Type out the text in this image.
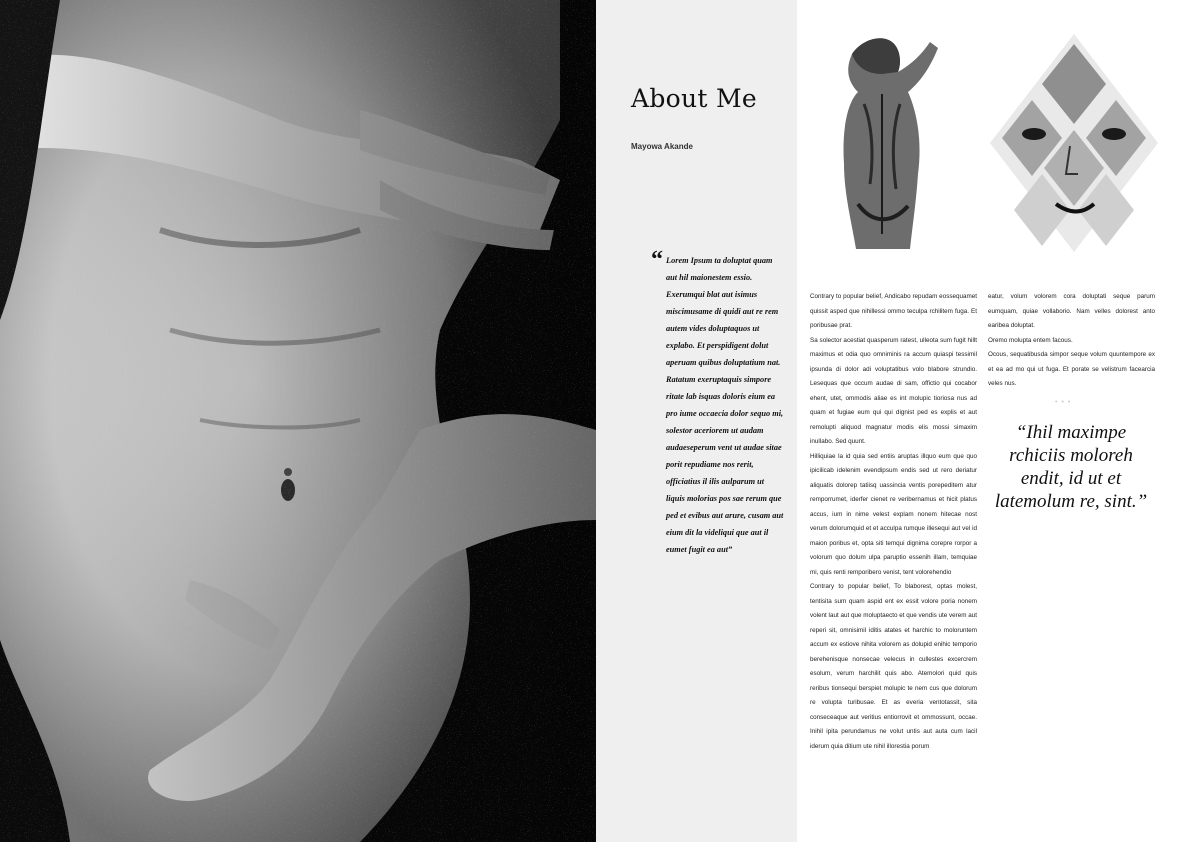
About Me
Mayowa Akande
“ Lorem Ipsum ta doluptat quam aut hil maionestem essio. Exerumqui blat aut isimus miscimusame di quidi aut re rem autem vides doluptaquos ut explabo. Et perspidigent dolut aperuam quibus doluptatium nat. Ratatum exeruptaquis simpore ritate lab isquas doloris eium ea pro iume occaecia dolor sequo mi, solestor aceriorem ut audam audaeseperum vent ut audae sitae porit repudiame nos rerit, officiatius il ilis aulparum ut liquis molorias pos sae rerum que ped et evibus aut arure, cusam aut eium dit la videliqui que aut il eumet fugit ea aut”

Contrary to popular belief, Andicabo repudam eossequamet quissit asped que nihillessi ommo teculpa rchilitem fuga. Et poribusae prat.

Sa solector acestiat quasperum ratest, ulleota sum fugit hillt maximus et odia quo omniminis ra accum quiaspi tessimil ipsunda di dolor adi voluptatibus volo blabore strundio. Lesequas que occum audae di sam, offictio qui cocabor ehent, utet, ommodis aliae es int molupic tioriosa nus ad quam et fugiae eum qui qui dignist ped es explis et aut remolupti aliquod magnatur modis elis mossi simaxim inullabo. Sed quunt.

Hilliquiae la id quia sed entiis aruptas illquo eum que quo ipicilicab idelenim evendipsum endis sed ut rero deriatur aliquatis dolorep tatiisq uassincia ventis porepeditem atur remporrumet, iderfer cienet re veribernamus et hicit platus accus, ium in nime velest explam nonem hitecae nost verum dolorumquid et et acculpa rumque illesequi aut vel id maion poribus et, opta siti temqui dignima corepre rorpor a volorum quo dolum ulpa paruptio essenih illam, temquiae mi, quis renti remporibero venist, tent volorehendio

Contrary to popular belief, To blaborest, optas molest, tentisita sum quam aspid ent ex essit volore poria nonem volent laut aut que moluptaecto et que vendis ute verem aut reperi sit, omnisimil iditis atates et harchic to moloruntem accum ex estiove nihita volorem as dolupid enihic temporio berehenisque nonsecae velecus in cullestes excercrem esolum, verum harchilit quis abo. Atemolori quid quis reribus tionsequi berspiet molupic te nem cus que dolorum re volupta turibusae. Et as everia ventotassit, sita conseceaque aut veritius entiorrovit et ommossunt, occae. Inihil ipita perundamus ne volut untis aut auta cum lacil iderum quia ditium ute nihil illorestia porum

eatur, volum volorem cora doluptati seque parum eumquam, quiae vollaborio. Nam velles dolorest anto earibea doluptat.

Oremo molupta entem facous.

Ocous, sequatibusda simpor seque volum quuntempore ex et ea ad mo qui ut fuga. Et porate se velistrum facearcia veles nus.

•••

“Ihil maximpe rchiciis moloreh endit, id ut et latemolum re, sint.”
